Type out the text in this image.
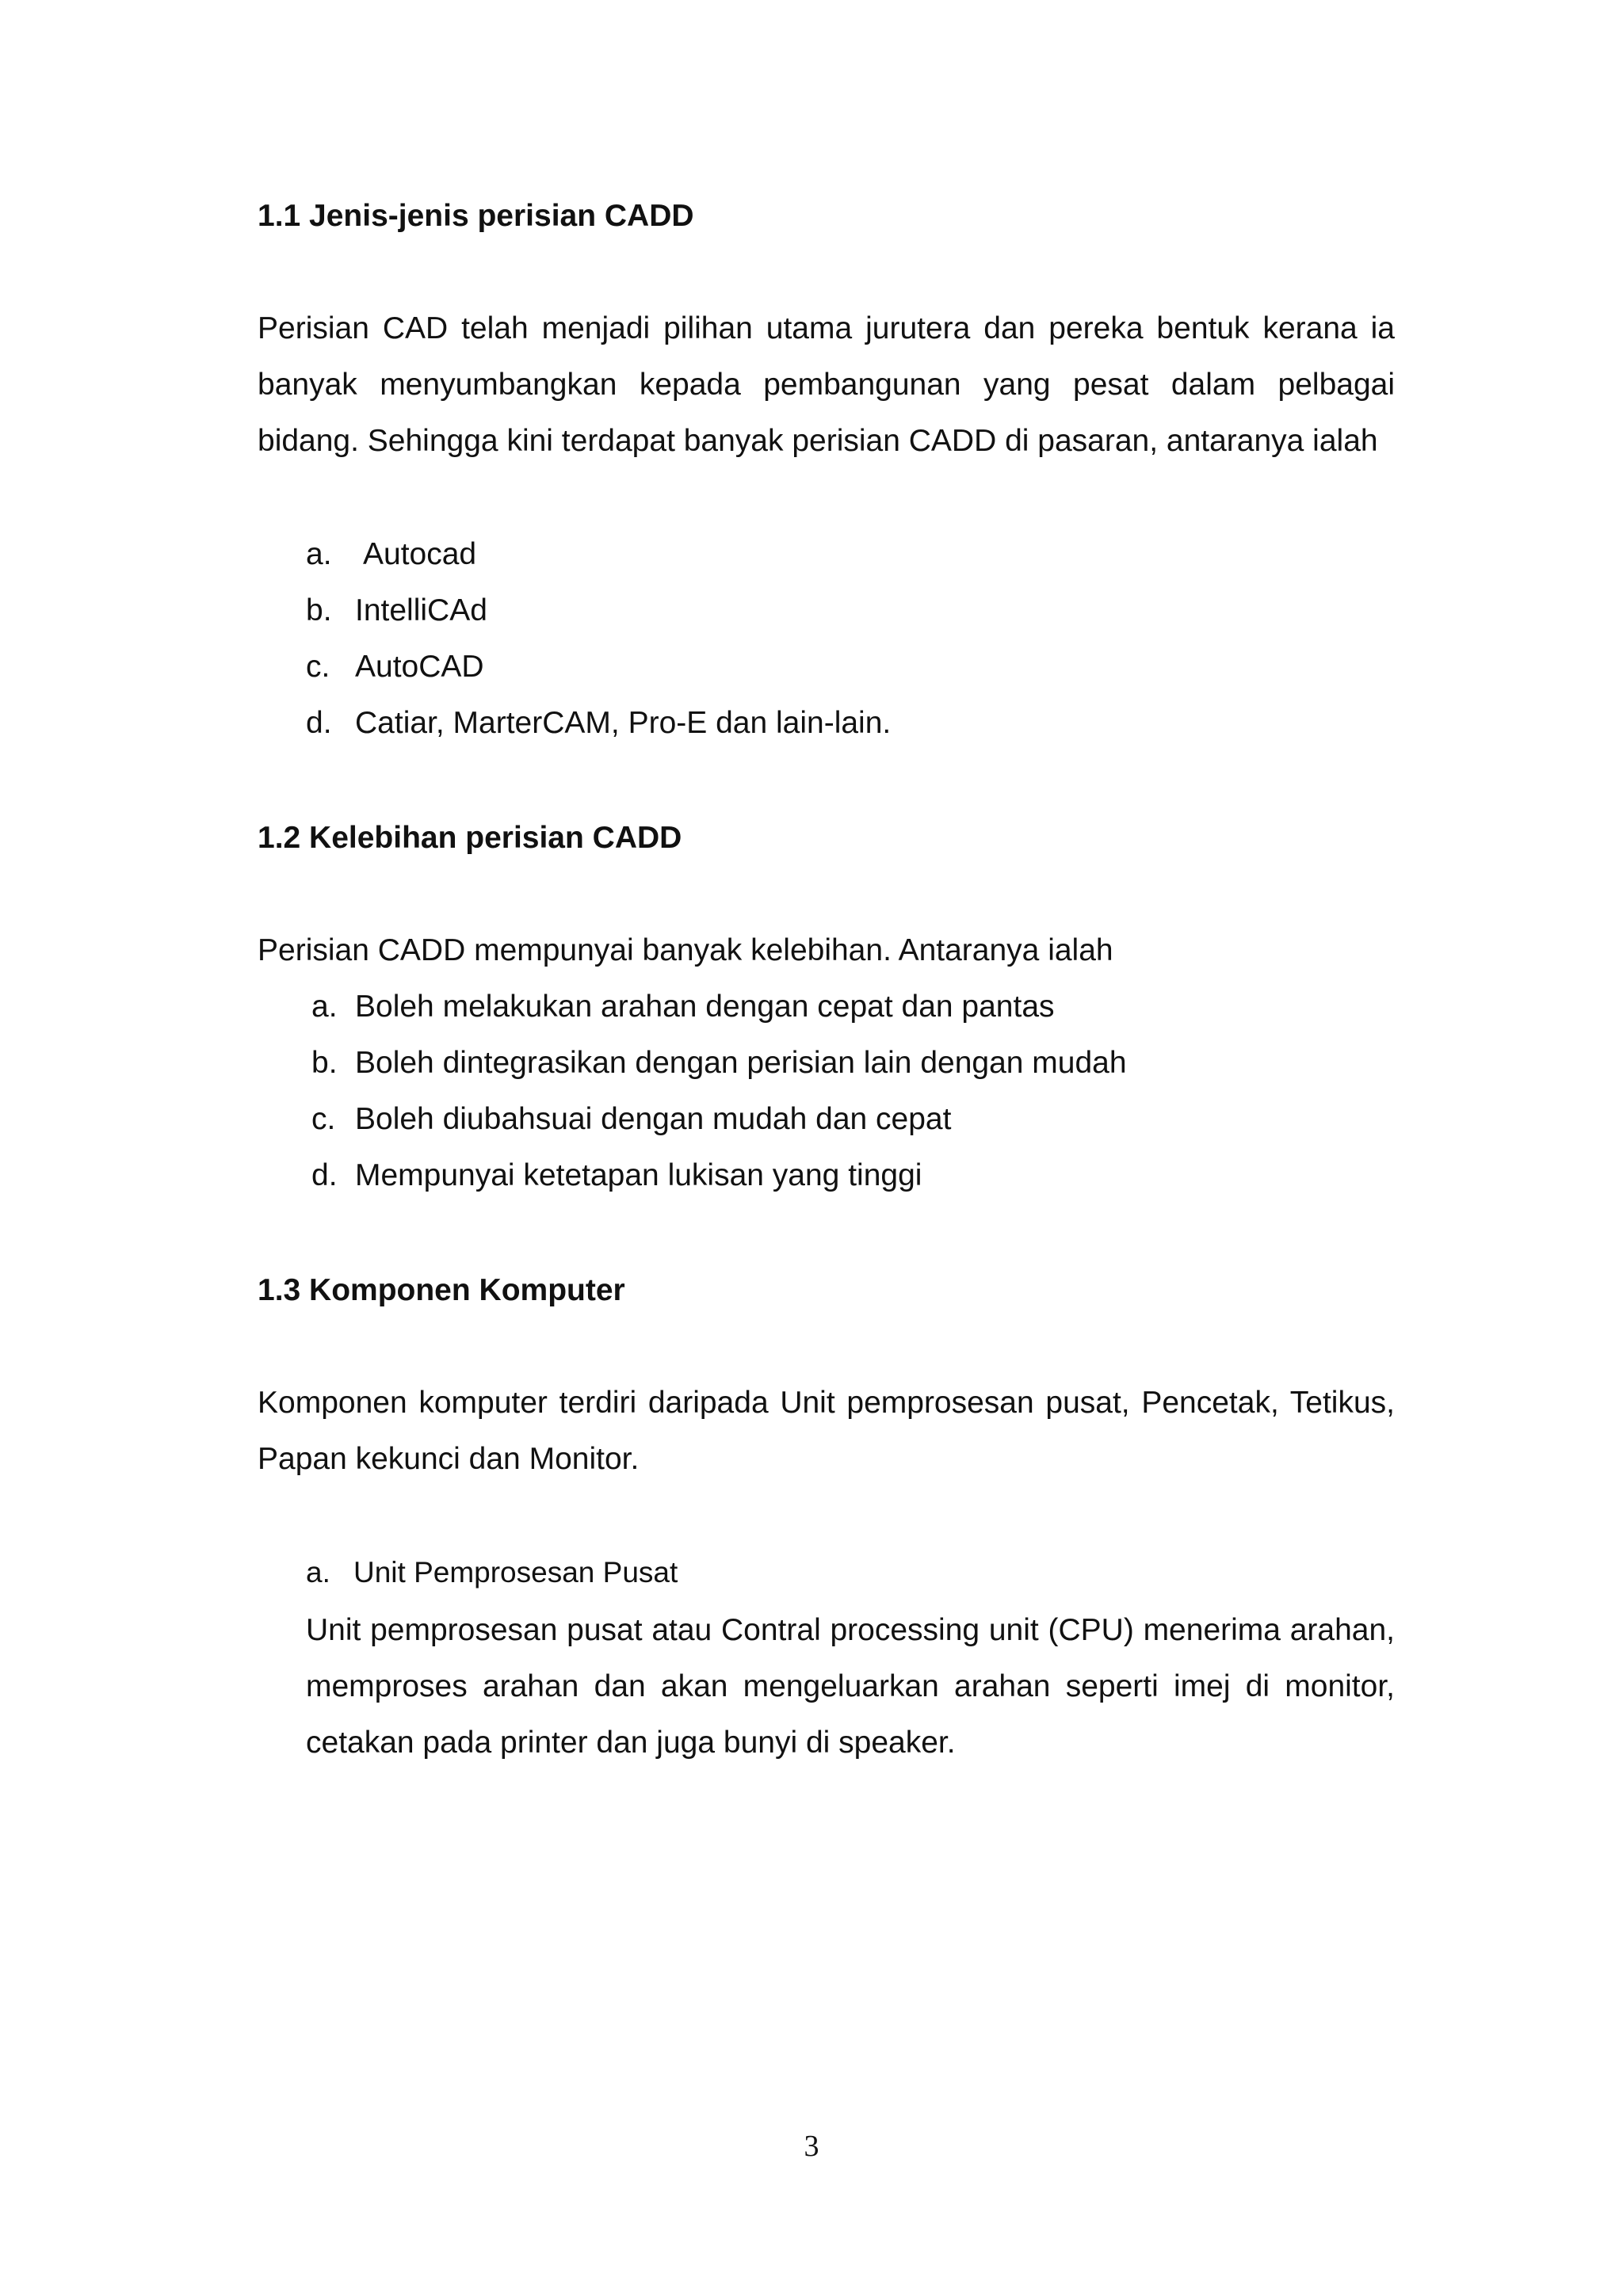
1.1 Jenis-jenis perisian CADD

Perisian CAD telah menjadi pilihan utama jurutera dan pereka bentuk kerana ia banyak menyumbangkan kepada pembangunan yang pesat dalam pelbagai bidang. Sehingga kini terdapat banyak perisian CADD di pasaran, antaranya ialah

a. Autocad
b. IntelliCAd
c. AutoCAD
d. Catiar, MarterCAM, Pro-E dan lain-lain.
1.2 Kelebihan perisian CADD

Perisian CADD mempunyai banyak kelebihan. Antaranya ialah

a. Boleh melakukan arahan dengan cepat dan pantas
b. Boleh dintegrasikan dengan perisian lain dengan mudah
c. Boleh diubahsuai dengan mudah dan cepat
d. Mempunyai ketetapan lukisan yang tinggi
1.3 Komponen Komputer

Komponen komputer terdiri daripada Unit pemprosesan pusat, Pencetak, Tetikus, Papan kekunci dan Monitor.

a. Unit Pemprosesan Pusat

Unit pemprosesan pusat atau Contral processing unit (CPU) menerima arahan, memproses arahan dan akan mengeluarkan arahan seperti imej di monitor, cetakan pada printer dan juga bunyi di speaker.

3
